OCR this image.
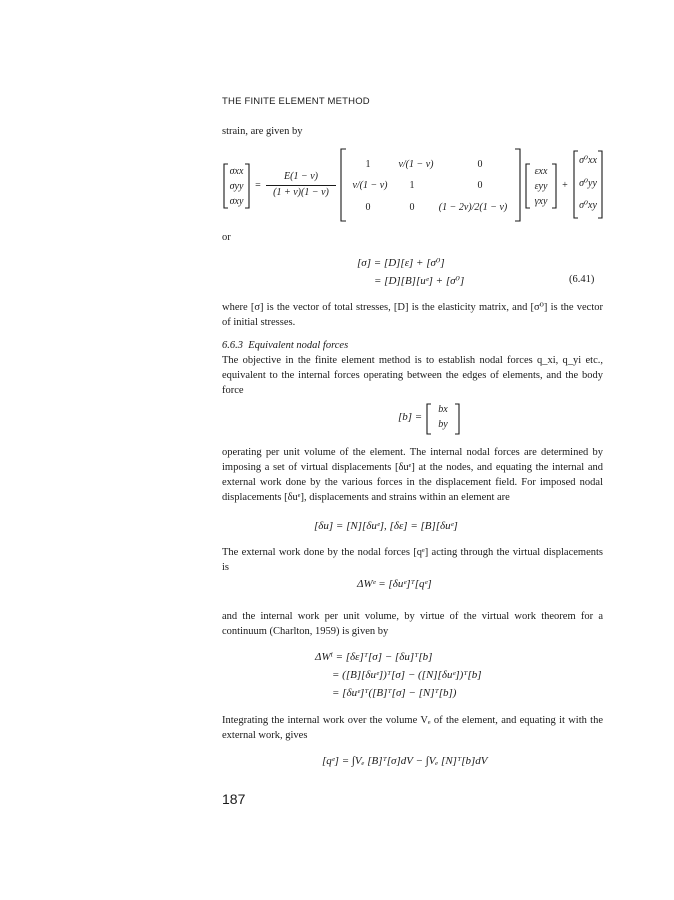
THE FINITE ELEMENT METHOD
strain, are given by
σxx
σyy
σxy
=
E(1 − ν)
(1 + ν)(1 − ν)
1	ν/(1 − ν)	0
ν/(1 − ν)	1	0
0	0	(1 − 2ν)/2(1 − ν)
εxx
εyy
γxy
+
σ⁰xx
σ⁰yy
σ⁰xy
or
[σ] = [D][ε] + [σ⁰]
= [D][B][uᵉ] + [σ⁰]	(6.41)
where [σ] is the vector of total stresses, [D] is the elasticity matrix, and [σ⁰] is the vector of initial stresses.
6.6.3 Equivalent nodal forces
The objective in the finite element method is to establish nodal forces q_xi, q_yi etc., equivalent to the internal forces operating between the edges of elements, and the body force
[b] =
bx
by
operating per unit volume of the element. The internal nodal forces are determined by imposing a set of virtual displacements [δuᵉ] at the nodes, and equating the internal and external work done by the various forces in the displacement field. For imposed nodal displacements [δuᵉ], displacements and strains within an element are
[δu] = [N][δuᵉ], [δε] = [B][δuᵉ]
The external work done by the nodal forces [qᵉ] acting through the virtual displacements is
ΔWᵉ = [δuᵉ]ᵀ[qᵉ]
and the internal work per unit volume, by virtue of the virtual work theorem for a continuum (Charlton, 1959) is given by
ΔWⁱ = [δε]ᵀ[σ] − [δu]ᵀ[b]
= ([B][δuᵉ])ᵀ[σ] − ([N][δuᵉ])ᵀ[b]
= [δuᵉ]ᵀ([B]ᵀ[σ] − [N]ᵀ[b])
Integrating the internal work over the volume Vₑ of the element, and equating it with the external work, gives
[qᵉ] = ∫Vₑ [B]ᵀ[σ]dV − ∫Vₑ [N]ᵀ[b]dV
187
